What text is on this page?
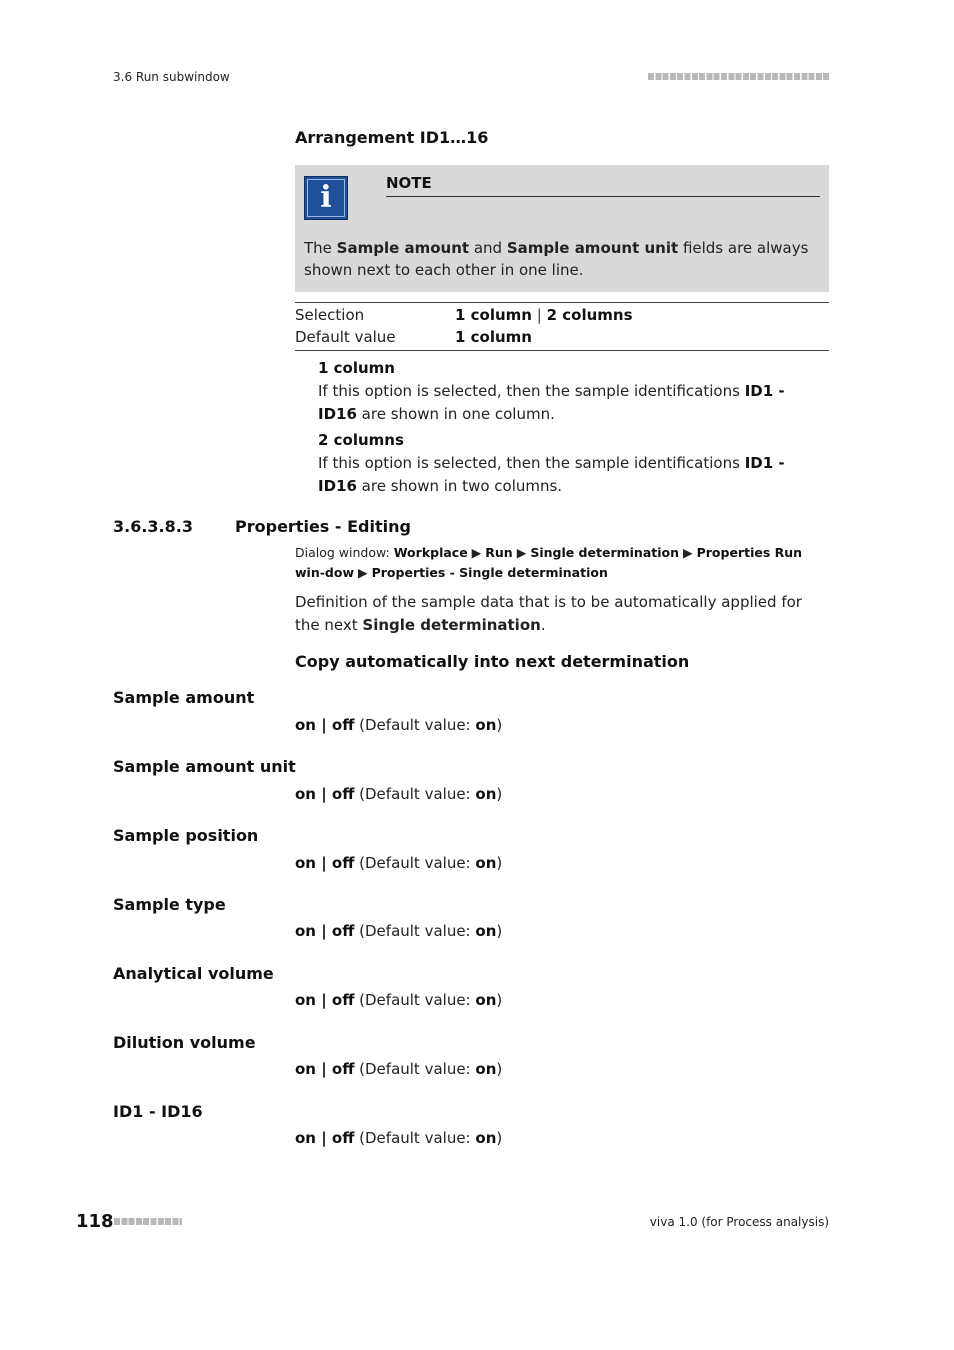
3.6 Run subwindow
Arrangement ID1…16
i	NOTE
The Sample amount and Sample amount unit fields are always shown next to each other in one line.
Selection	1 column | 2 columns
Default value	1 column
1 column
If this option is selected, then the sample identifications ID1 - ID16 are shown in one column.
2 columns
If this option is selected, then the sample identifications ID1 - ID16 are shown in two columns.
3.6.3.8.3	Properties - Editing
Dialog window: Workplace ▶ Run ▶ Single determination ▶ Properties Run win-dow ▶ Properties - Single determination
Definition of the sample data that is to be automatically applied for the next Single determination.
Copy automatically into next determination
Sample amount
on | off (Default value: on)
Sample amount unit
on | off (Default value: on)
Sample position
on | off (Default value: on)
Sample type
on | off (Default value: on)
Analytical volume
on | off (Default value: on)
Dilution volume
on | off (Default value: on)
ID1 - ID16
on | off (Default value: on)
118	viva 1.0 (for Process analysis)
